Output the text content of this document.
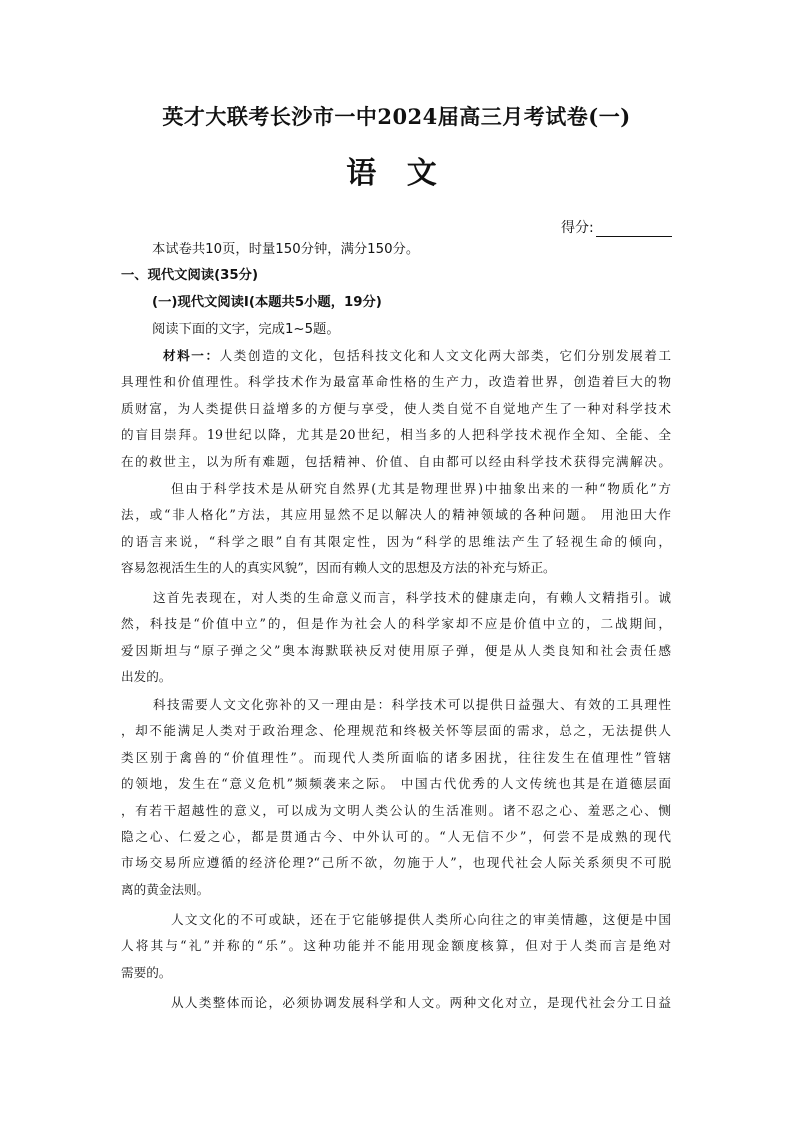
英才大联考长沙市一中2024届高三月考试卷(一)
语 文
得分:
本试卷共10页，时量150分钟，满分150分。
一、现代文阅读(35分)
(一)现代文阅读Ⅰ(本题共5小题，19分)
阅读下面的文字，完成1~5题。
材料一：人类创造的文化，包括科技文化和人文文化两大部类，它们分别发展着工
具理性和价值理性。科学技术作为最富革命性格的生产力，改造着世界，创造着巨大的物
质财富，为人类提供日益增多的方便与享受，使人类自觉不自觉地产生了一种对科学技术
的盲目崇拜。19世纪以降，尤其是20世纪，相当多的人把科学技术视作全知、全能、全
在的救世主，以为所有难题，包括精神、价值、自由都可以经由科学技术获得完满解决。
但由于科学技术是从研究自然界(尤其是物理世界)中抽象出来的一种“物质化”方
法，或“非人格化”方法，其应用显然不足以解决人的精神领域的各种问题。 用池田大作
的语言来说，“科学之眼”自有其限定性，因为“科学的思维法产生了轻视生命的倾向，
容易忽视活生生的人的真实风貌”，因而有赖人文的思想及方法的补充与矫正。
这首先表现在，对人类的生命意义而言，科学技术的健康走向，有赖人文精指引。诚
然，科技是“价值中立”的，但是作为社会人的科学家却不应是价值中立的，二战期间，
爱因斯坦与“原子弹之父”奥本海默联袂反对使用原子弹，便是从人类良知和社会责任感
出发的。
科技需要人文文化弥补的又一理由是：科学技术可以提供日益强大、有效的工具理性
，却不能满足人类对于政治理念、伦理规范和终极关怀等层面的需求，总之，无法提供人
类区别于禽兽的“价值理性”。而现代人类所面临的诸多困扰，往往发生在值理性”管辖
的领地，发生在“意义危机”频频袭来之际。 中国古代优秀的人文传统也其是在道德层面
，有若干超越性的意义，可以成为文明人类公认的生活准则。诸不忍之心、羞恶之心、恻
隐之心、仁爱之心，都是贯通古今、中外认可的。“人无信不少”，何尝不是成熟的现代
市场交易所应遵循的经济伦理?“己所不欲，勿施于人”，也现代社会人际关系须臾不可脱
离的黄金法则。
人文文化的不可或缺，还在于它能够提供人类所心向往之的审美情趣，这便是中国
人将其与“礼”并称的“乐”。这种功能并不能用现金额度核算，但对于人类而言是绝对
需要的。
从人类整体而论，必须协调发展科学和人文。两种文化对立，是现代社会分工日益
